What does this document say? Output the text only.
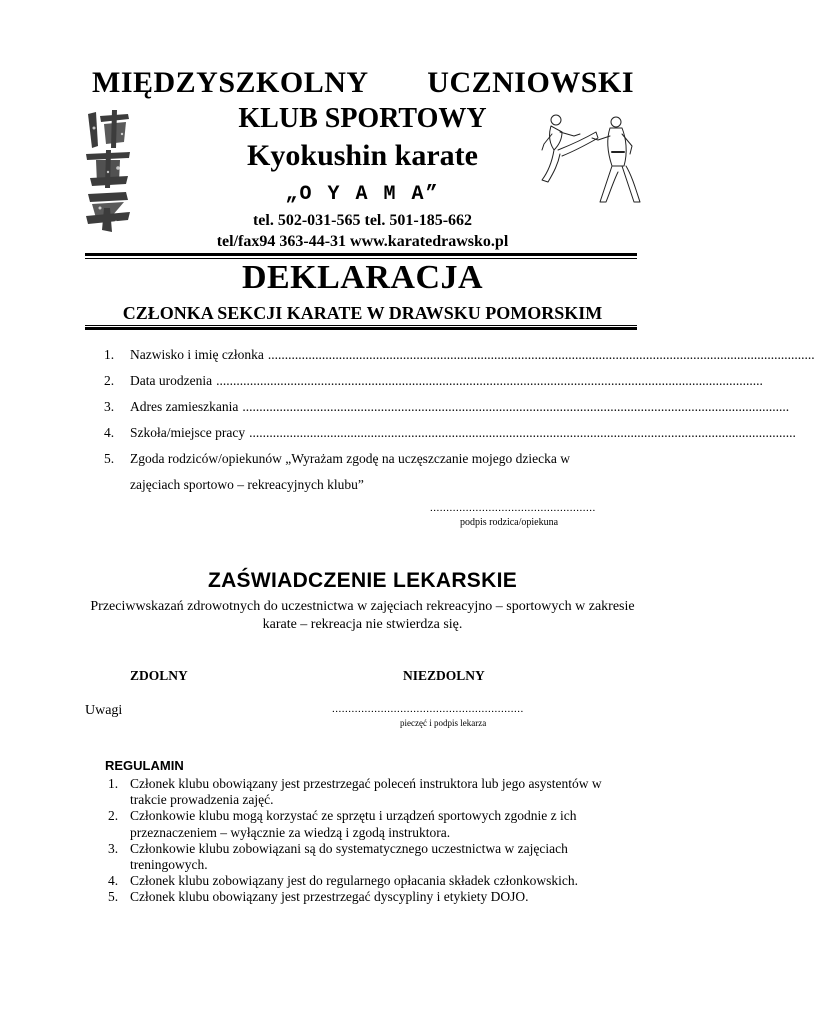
MIĘDZYSZKOLNY UCZNIOWSKI
KLUB SPORTOWY
Kyokushin karate
„O Y A M A”
tel. 502-031-565 tel. 501-185-662
tel/fax94 363-44-31 www.karatedrawsko.pl
DEKLARACJA
CZŁONKA SEKCJI KARATE W DRAWSKU POMORSKIM
1.	Nazwisko i imię członka ..................................................................................................................................................................
2.	Data urodzenia ..................................................................................................................................................................
3.	Adres zamieszkania ..................................................................................................................................................................
4.	Szkoła/miejsce pracy ..................................................................................................................................................................
5.	Zgoda rodziców/opiekunów „Wyrażam zgodę na uczęszczanie mojego dziecka w
zajęciach sportowo – rekreacyjnych klubu”
...................................................
podpis rodzica/opiekuna
ZAŚWIADCZENIE LEKARSKIE
Przeciwwskazań zdrowotnych do uczestnictwa w zajęciach rekreacyjno – sportowych w zakresie karate – rekreacja nie stwierdza się.
ZDOLNY	NIEZDOLNY
Uwagi	...........................................................
pieczęć i podpis lekarza
REGULAMIN
1. Członek klubu obowiązany jest przestrzegać poleceń instruktora lub jego asystentów w trakcie prowadzenia zajęć.
2. Członkowie klubu mogą korzystać ze sprzętu i urządzeń sportowych zgodnie z ich przeznaczeniem – wyłącznie za wiedzą i zgodą instruktora.
3. Członkowie klubu zobowiązani są do systematycznego uczestnictwa w zajęciach treningowych.
4. Członek klubu zobowiązany jest do regularnego opłacania składek członkowskich.
5. Członek klubu obowiązany jest przestrzegać dyscypliny i etykiety DOJO.
